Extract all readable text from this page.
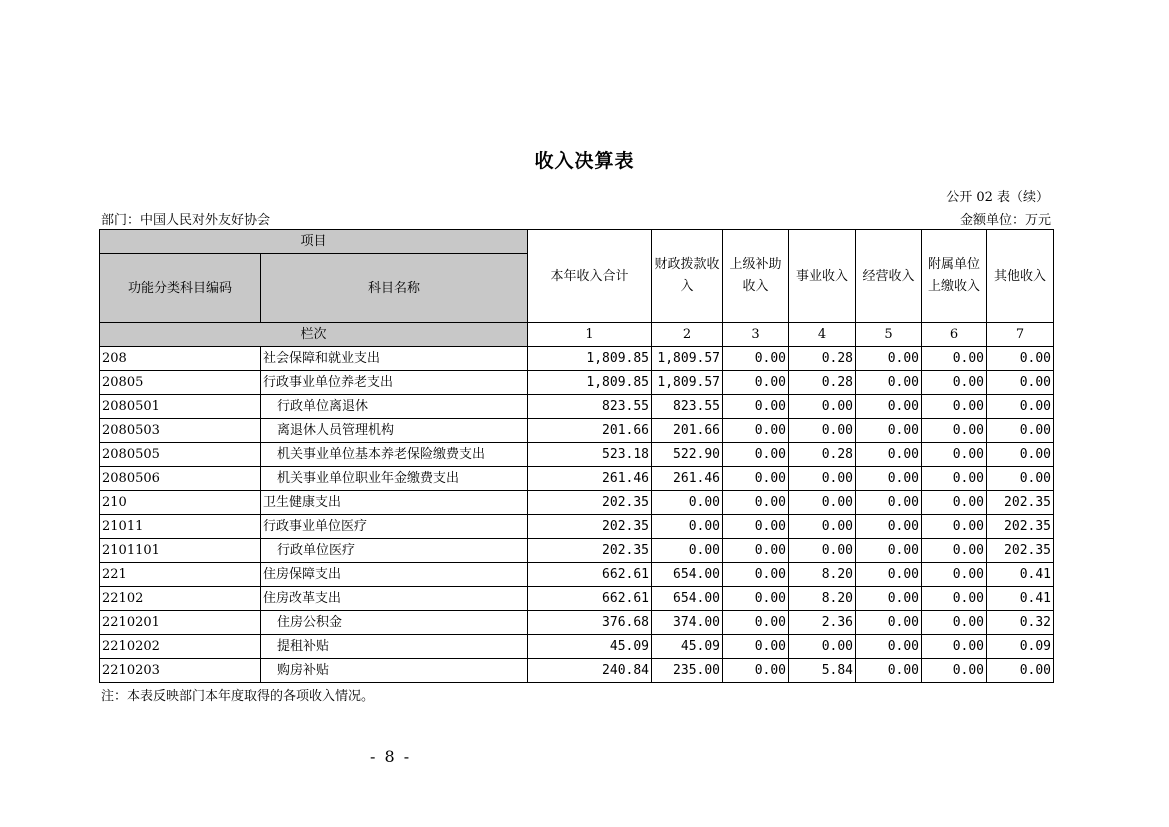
收入决算表
公开 02 表（续）
部门：中国人民对外友好协会	金额单位：万元
项目		本年收入合计	财政拨款收入	上级补助收入	事业收入	经营收入	附属单位上缴收入	其他收入
功能分类科目编码	科目名称							
栏次		1	2	3	4	5	6	7
208	社会保障和就业支出	1,809.85	1,809.57	0.00	0.28	0.00	0.00	0.00
20805	行政事业单位养老支出	1,809.85	1,809.57	0.00	0.28	0.00	0.00	0.00
2080501	行政单位离退休	823.55	823.55	0.00	0.00	0.00	0.00	0.00
2080503	离退休人员管理机构	201.66	201.66	0.00	0.00	0.00	0.00	0.00
2080505	机关事业单位基本养老保险缴费支出	523.18	522.90	0.00	0.28	0.00	0.00	0.00
2080506	机关事业单位职业年金缴费支出	261.46	261.46	0.00	0.00	0.00	0.00	0.00
210	卫生健康支出	202.35	0.00	0.00	0.00	0.00	0.00	202.35
21011	行政事业单位医疗	202.35	0.00	0.00	0.00	0.00	0.00	202.35
2101101	行政单位医疗	202.35	0.00	0.00	0.00	0.00	0.00	202.35
221	住房保障支出	662.61	654.00	0.00	8.20	0.00	0.00	0.41
22102	住房改革支出	662.61	654.00	0.00	8.20	0.00	0.00	0.41
2210201	住房公积金	376.68	374.00	0.00	2.36	0.00	0.00	0.32
2210202	提租补贴	45.09	45.09	0.00	0.00	0.00	0.00	0.09
2210203	购房补贴	240.84	235.00	0.00	5.84	0.00	0.00	0.00
注：本表反映部门本年度取得的各项收入情况。
- 8 -
